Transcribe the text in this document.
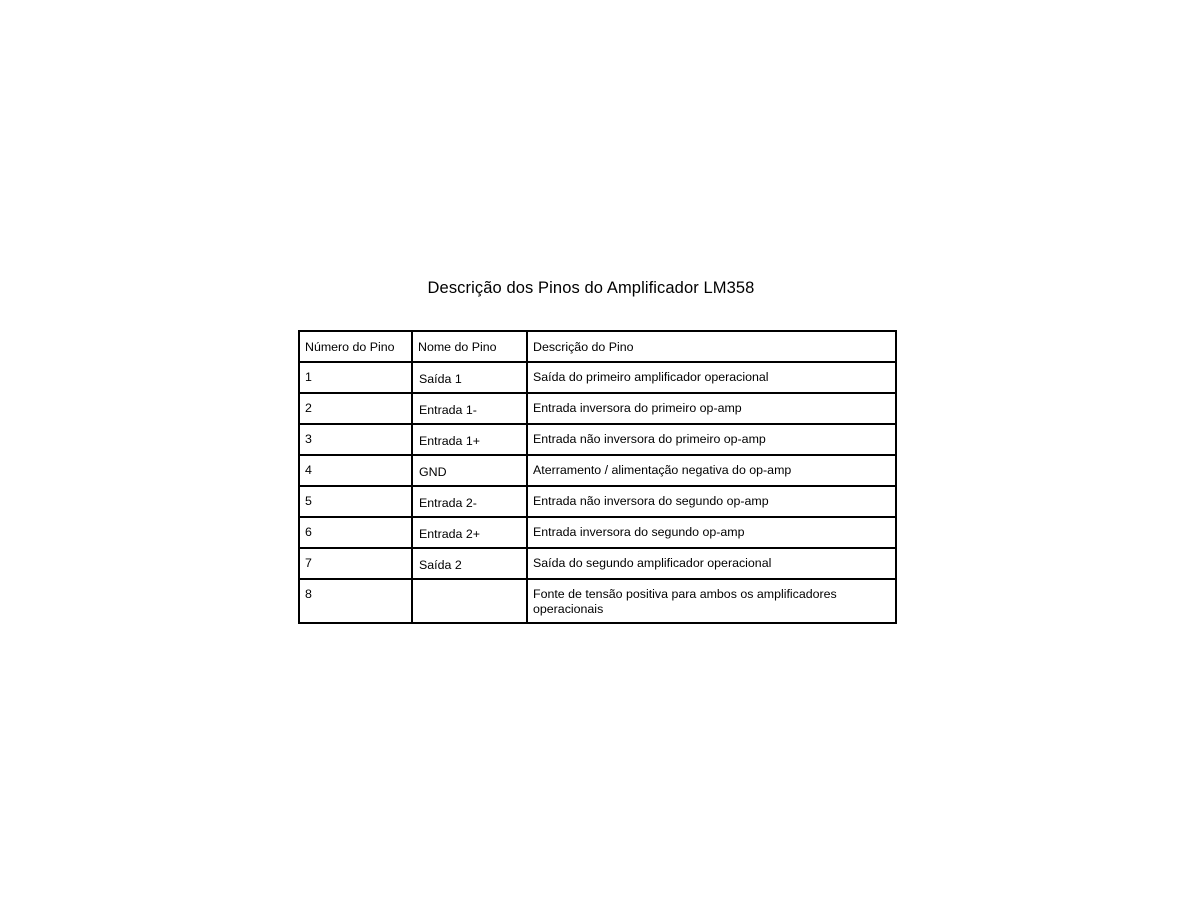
Descrição dos Pinos do Amplificador LM358
Número do Pino	Nome do Pino	Descrição do Pino
1	Saída 1	Saída do primeiro amplificador operacional
2	Entrada 1-	Entrada inversora do primeiro op-amp
3	Entrada 1+	Entrada não inversora do primeiro op-amp
4	GND	Aterramento / alimentação negativa do op-amp
5	Entrada 2-	Entrada não inversora do segundo op-amp
6	Entrada 2+	Entrada inversora do segundo op-amp
7	Saída 2	Saída do segundo amplificador operacional
8		Fonte de tensão positiva para ambos os amplificadores operacionais
